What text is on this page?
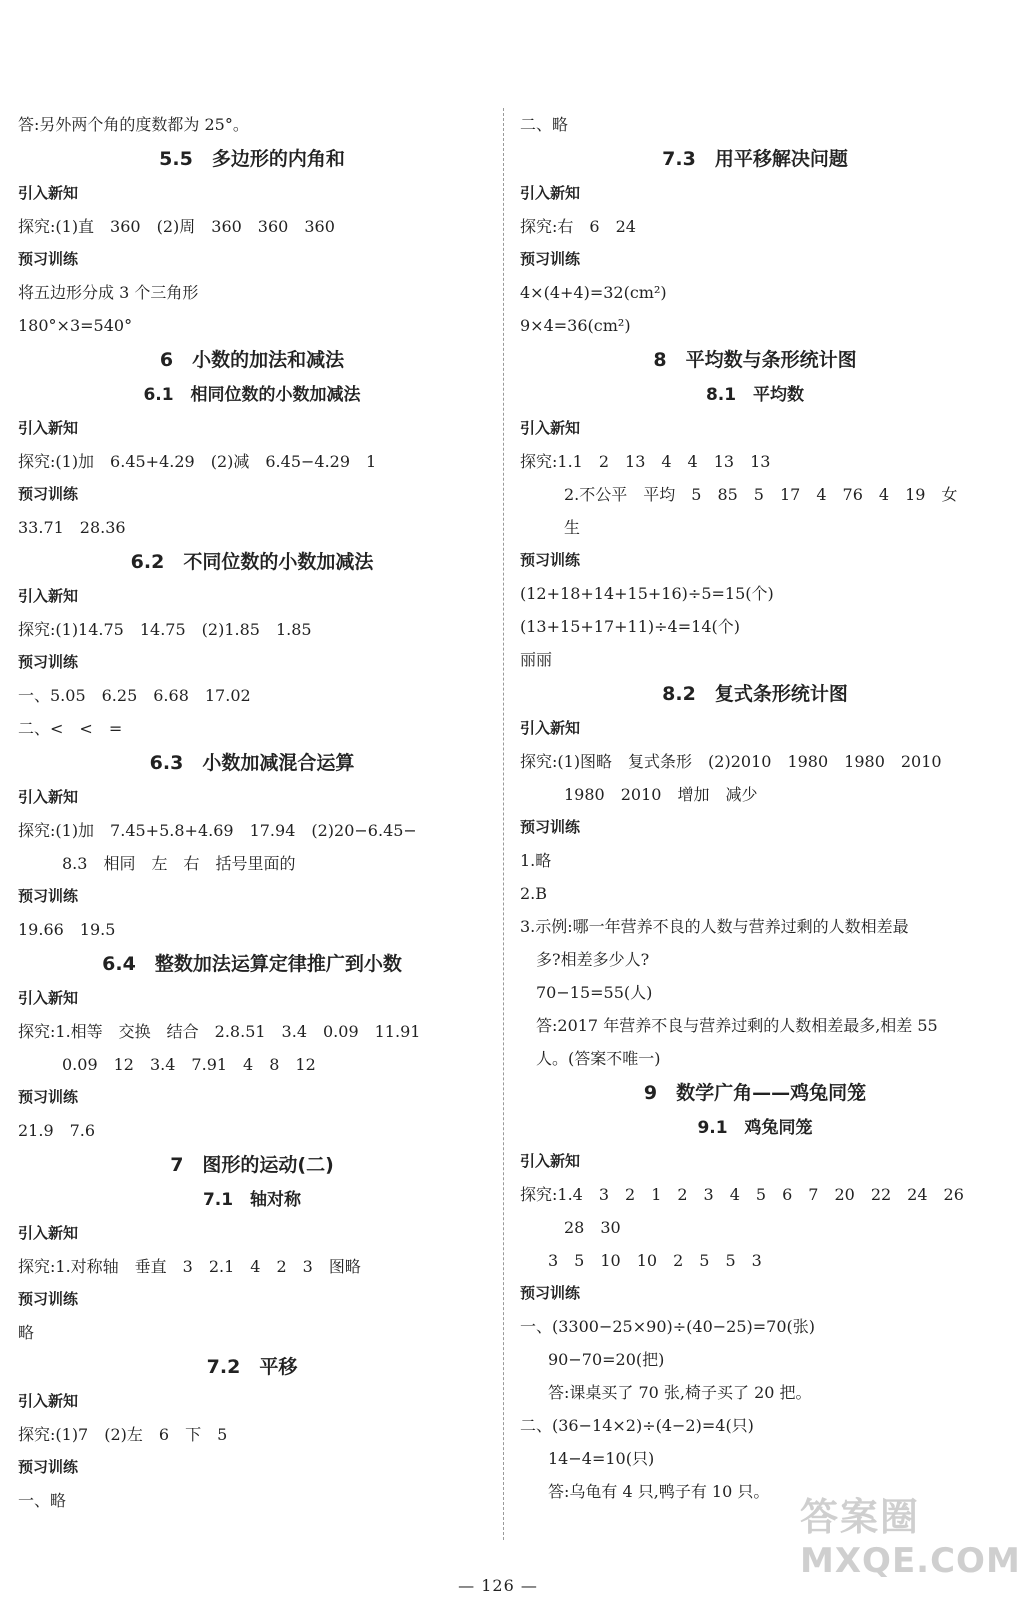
答:另外两个角的度数都为 25°。
5.5　多边形的内角和
引入新知
探究:(1)直　360　(2)周　360　360　360
预习训练
将五边形分成 3 个三角形
180°×3=540°
6　小数的加法和减法
6.1　相同位数的小数加减法
引入新知
探究:(1)加　6.45+4.29　(2)减　6.45−4.29　1
预习训练
33.71　28.36
6.2　不同位数的小数加减法
引入新知
探究:(1)14.75　14.75　(2)1.85　1.85
预习训练
一、5.05　6.25　6.68　17.02
二、<　<　=
6.3　小数加减混合运算
引入新知
探究:(1)加　7.45+5.8+4.69　17.94　(2)20−6.45−
8.3　相同　左　右　括号里面的
预习训练
19.66　19.5
6.4　整数加法运算定律推广到小数
引入新知
探究:1.相等　交换　结合　2.8.51　3.4　0.09　11.91
0.09　12　3.4　7.91　4　8　12
预习训练
21.9　7.6
7　图形的运动(二)
7.1　轴对称
引入新知
探究:1.对称轴　垂直　3　2.1　4　2　3　图略
预习训练
略
7.2　平移
引入新知
探究:(1)7　(2)左　6　下　5
预习训练
一、略
二、略
7.3　用平移解决问题
引入新知
探究:右　6　24
预习训练
4×(4+4)=32(cm²)
9×4=36(cm²)
8　平均数与条形统计图
8.1　平均数
引入新知
探究:1.1　2　13　4　4　13　13
2.不公平　平均　5　85　5　17　4　76　4　19　女
生
预习训练
(12+18+14+15+16)÷5=15(个)
(13+15+17+11)÷4=14(个)
丽丽
8.2　复式条形统计图
引入新知
探究:(1)图略　复式条形　(2)2010　1980　1980　2010
1980　2010　增加　减少
预习训练
1.略
2.B
3.示例:哪一年营养不良的人数与营养过剩的人数相差最
多?相差多少人?
70−15=55(人)
答:2017 年营养不良与营养过剩的人数相差最多,相差 55
人。(答案不唯一)
9　数学广角——鸡兔同笼
9.1　鸡兔同笼
引入新知
探究:1.4　3　2　1　2　3　4　5　6　7　20　22　24　26
28　30
3　5　10　10　2　5　5　3
预习训练
一、(3300−25×90)÷(40−25)=70(张)
90−70=20(把)
答:课桌买了 70 张,椅子买了 20 把。
二、(36−14×2)÷(4−2)=4(只)
14−4=10(只)
答:乌龟有 4 只,鸭子有 10 只。
— 126 —
答案圈
MXQE.COM
